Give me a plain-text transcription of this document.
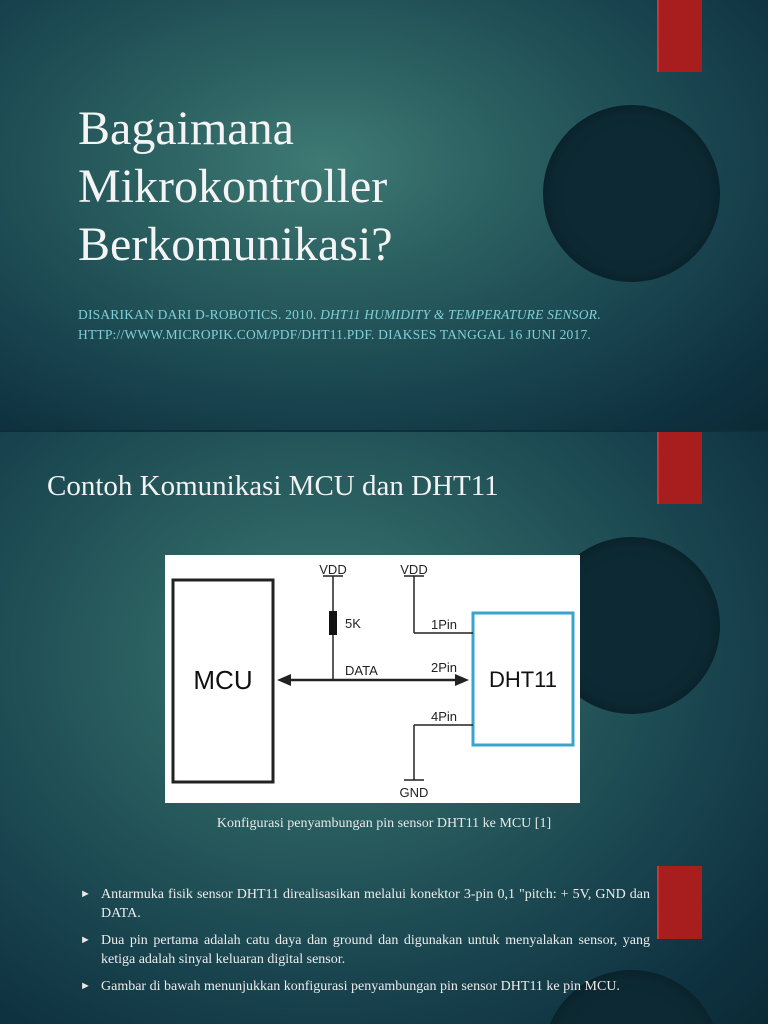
Bagaimana
Mikrokontroller
Berkomunikasi?
DISARIKAN DARI D-ROBOTICS. 2010. DHT11 HUMIDITY & TEMPERATURE SENSOR.
HTTP://WWW.MICROPIK.COM/PDF/DHT11.PDF. DIAKSES TANGGAL 16 JUNI 2017.
Contoh Komunikasi MCU dan DHT11
MCU	DHT11
VDD	VDD
5K	1Pin
DATA	2Pin
4Pin
GND
Konfigurasi penyambungan pin sensor DHT11 ke MCU [1]
► Antarmuka fisik sensor DHT11 direalisasikan melalui konektor 3-pin 0,1 "pitch: + 5V, GND dan DATA.
► Dua pin pertama adalah catu daya dan ground dan digunakan untuk menyalakan sensor, yang ketiga adalah sinyal keluaran digital sensor.
► Gambar di bawah menunjukkan konfigurasi penyambungan pin sensor DHT11 ke pin MCU.
